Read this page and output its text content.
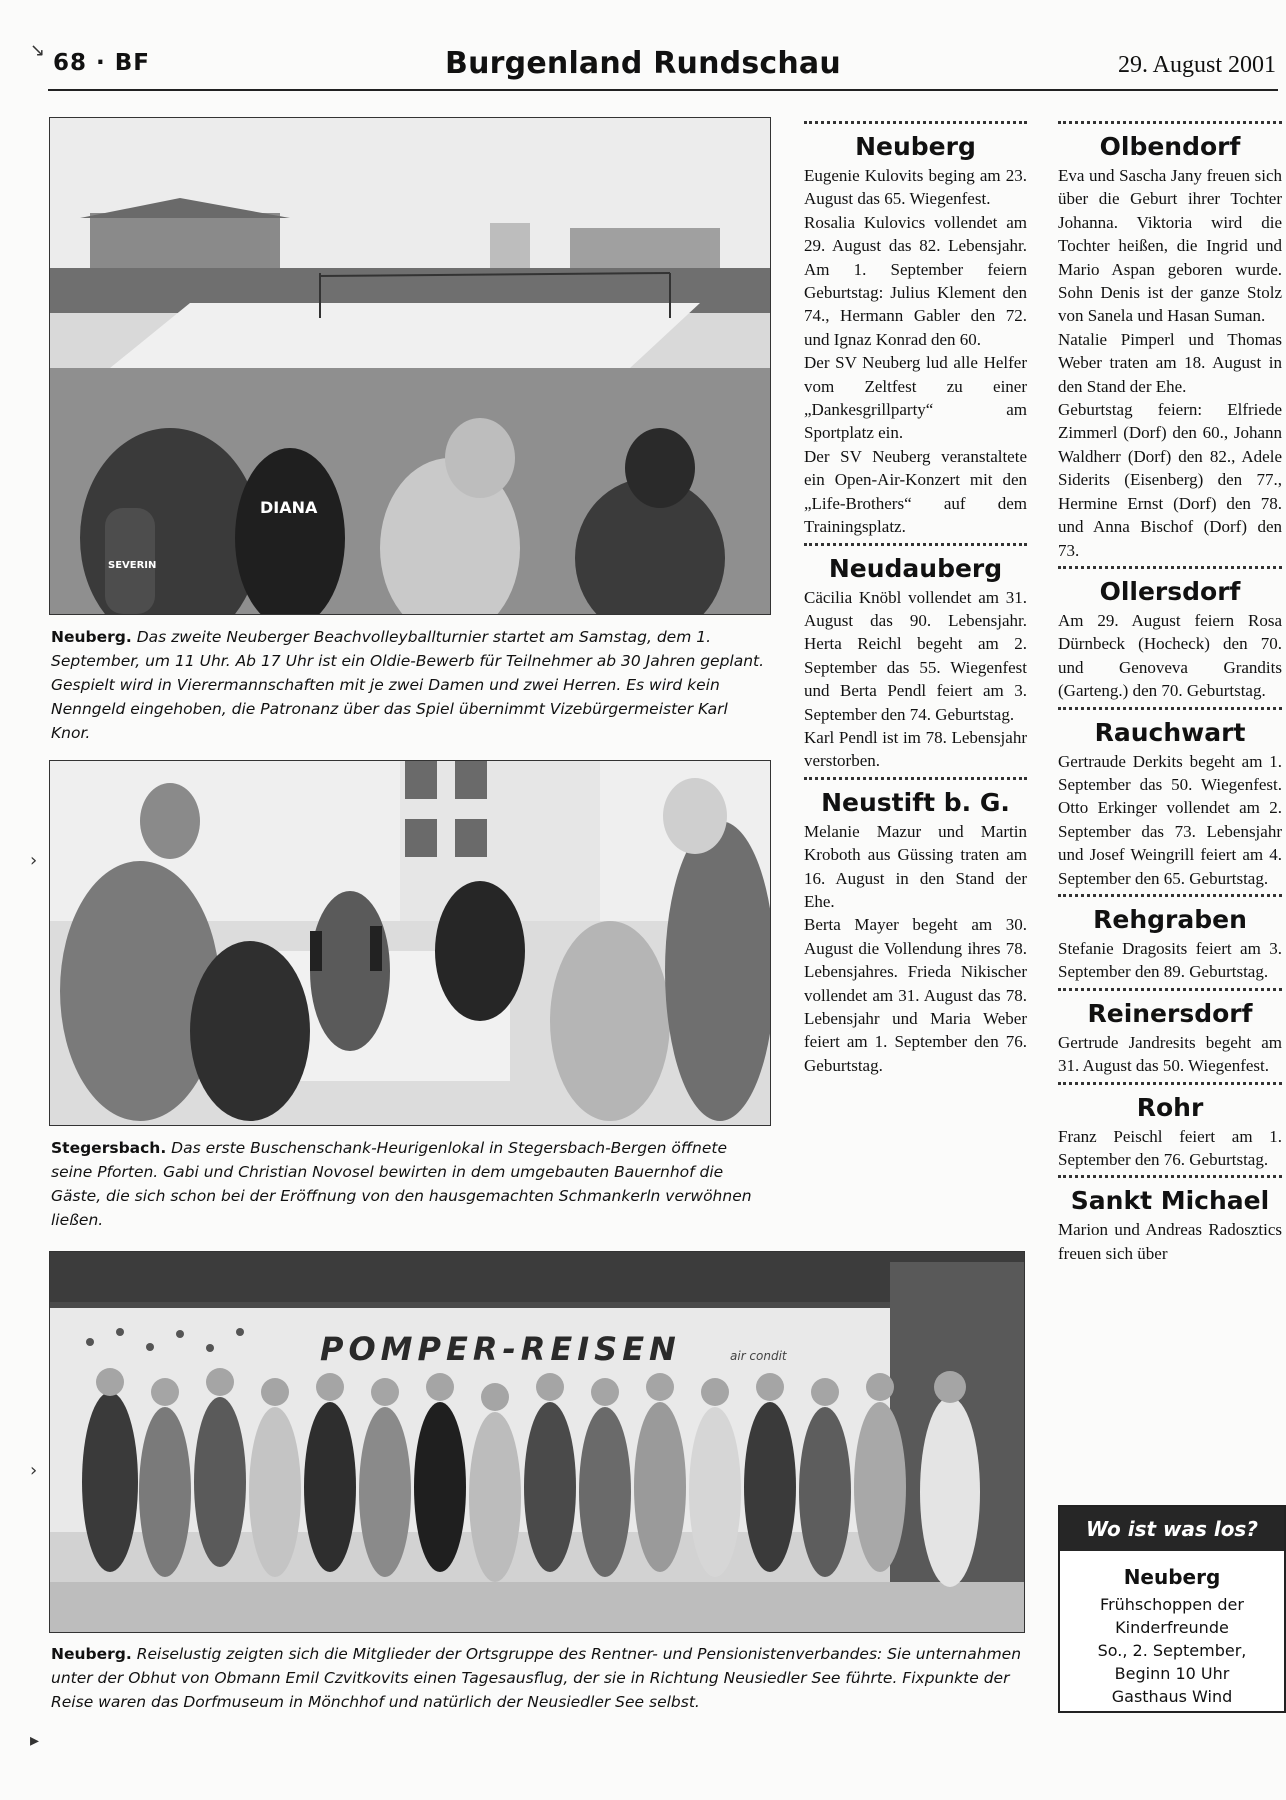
68 · BF	Burgenland Rundschau	29. August 2001
DIANA
SEVERIN
Neuberg. Das zweite Neuberger Beachvolleyballturnier startet am Samstag, dem 1. September, um 11 Uhr. Ab 17 Uhr ist ein Oldie-Bewerb für Teilnehmer ab 30 Jahren geplant. Gespielt wird in Vierermannschaften mit je zwei Damen und zwei Herren. Es wird kein Nenngeld eingehoben, die Patronanz über das Spiel übernimmt Vizebürgermeister Karl Knor.
Stegersbach. Das erste Buschenschank-Heurigenlokal in Stegersbach-Bergen öffnete seine Pforten. Gabi und Christian Novosel bewirten in dem umgebauten Bauernhof die Gäste, die sich schon bei der Eröffnung von den hausgemachten Schmankerln verwöhnen ließen.
POMPER-REISEN	air condit
Neuberg. Reiselustig zeigten sich die Mitglieder der Ortsgruppe des Rentner- und Pensionistenverbandes: Sie unternahmen unter der Obhut von Obmann Emil Czvitkovits einen Tagesausflug, der sie in Richtung Neusiedler See führte. Fixpunkte der Reise waren das Dorfmuseum in Mönchhof und natürlich der Neusiedler See selbst.
Neuberg

Eugenie Kulovits beging am 23. August das 65. Wiegenfest.

Rosalia Kulovics vollendet am 29. August das 82. Lebensjahr. Am 1. September feiern Geburtstag: Julius Klement den 74., Hermann Gabler den 72. und Ignaz Konrad den 60.

Der SV Neuberg lud alle Helfer vom Zeltfest zu einer „Dankesgrillparty“ am Sportplatz ein.

Der SV Neuberg veranstaltete ein Open-Air-Konzert mit den „Life-Brothers“ auf dem Trainingsplatz.

Neudauberg

Cäcilia Knöbl vollendet am 31. August das 90. Lebensjahr. Herta Reichl begeht am 2. September das 55. Wiegenfest und Berta Pendl feiert am 3. September den 74. Geburtstag.

Karl Pendl ist im 78. Lebensjahr verstorben.

Neustift b. G.

Melanie Mazur und Martin Kroboth aus Güssing traten am 16. August in den Stand der Ehe.

Berta Mayer begeht am 30. August die Vollendung ihres 78. Lebensjahres. Frieda Nikischer vollendet am 31. August das 78. Lebensjahr und Maria Weber feiert am 1. September den 76. Geburtstag.

Olbendorf

Eva und Sascha Jany freuen sich über die Geburt ihrer Tochter Johanna. Viktoria wird die Tochter heißen, die Ingrid und Mario Aspan geboren wurde. Sohn Denis ist der ganze Stolz von Sanela und Hasan Suman.

Natalie Pimperl und Thomas Weber traten am 18. August in den Stand der Ehe.

Geburtstag feiern: Elfriede Zimmerl (Dorf) den 60., Johann Waldherr (Dorf) den 82., Adele Siderits (Eisenberg) den 77., Hermine Ernst (Dorf) den 78. und Anna Bischof (Dorf) den 73.

Ollersdorf

Am 29. August feiern Rosa Dürnbeck (Hocheck) den 70. und Genoveva Grandits (Garteng.) den 70. Geburtstag.

Rauchwart

Gertraude Derkits begeht am 1. September das 50. Wiegenfest. Otto Erkinger vollendet am 2. September das 73. Lebensjahr und Josef Weingrill feiert am 4. September den 65. Geburtstag.

Rehgraben

Stefanie Dragosits feiert am 3. September den 89. Geburtstag.

Reinersdorf

Gertrude Jandresits begeht am 31. August das 50. Wiegenfest.

Rohr

Franz Peischl feiert am 1. September den 76. Geburtstag.

Sankt Michael

Marion und Andreas Radosztics freuen sich über

Wo ist was los?
Neuberg
Frühschoppen der
Kinderfreunde
So., 2. September,
Beginn 10 Uhr
Gasthaus Wind
↘
›
›
▸
